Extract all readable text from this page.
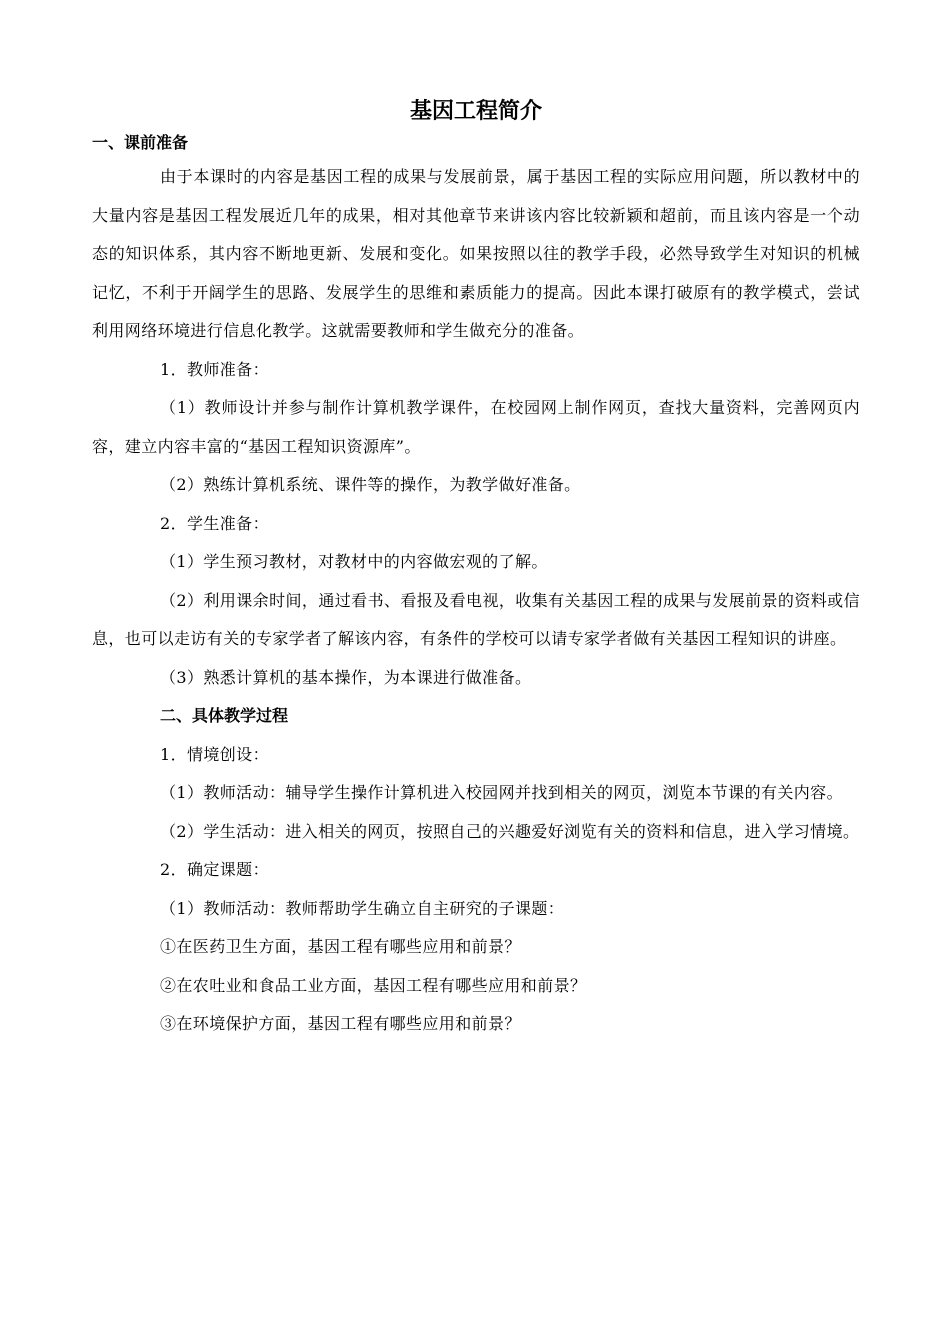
基因工程简介
一、课前准备

由于本课时的内容是基因工程的成果与发展前景，属于基因工程的实际应用问题，所以教材中的大量内容是基因工程发展近几年的成果，相对其他章节来讲该内容比较新颖和超前，而且该内容是一个动态的知识体系，其内容不断地更新、发展和变化。如果按照以往的教学手段，必然导致学生对知识的机械记忆，不利于开阔学生的思路、发展学生的思维和素质能力的提高。因此本课打破原有的教学模式，尝试利用网络环境进行信息化教学。这就需要教师和学生做充分的准备。

1．教师准备：

（1）教师设计并参与制作计算机教学课件，在校园网上制作网页，查找大量资料，完善网页内容，建立内容丰富的“基因工程知识资源库”。

（2）熟练计算机系统、课件等的操作，为教学做好准备。

2．学生准备：

（1）学生预习教材，对教材中的内容做宏观的了解。

（2）利用课余时间，通过看书、看报及看电视，收集有关基因工程的成果与发展前景的资料或信息，也可以走访有关的专家学者了解该内容，有条件的学校可以请专家学者做有关基因工程知识的讲座。

（3）熟悉计算机的基本操作，为本课进行做准备。

二、具体教学过程

1．情境创设：

（1）教师活动：辅导学生操作计算机进入校园网并找到相关的网页，浏览本节课的有关内容。

（2）学生活动：进入相关的网页，按照自己的兴趣爱好浏览有关的资料和信息，进入学习情境。

2．确定课题：

（1）教师活动：教师帮助学生确立自主研究的子课题：

①在医药卫生方面，基因工程有哪些应用和前景？

②在农吐业和食品工业方面，基因工程有哪些应用和前景？

③在环境保护方面，基因工程有哪些应用和前景？
